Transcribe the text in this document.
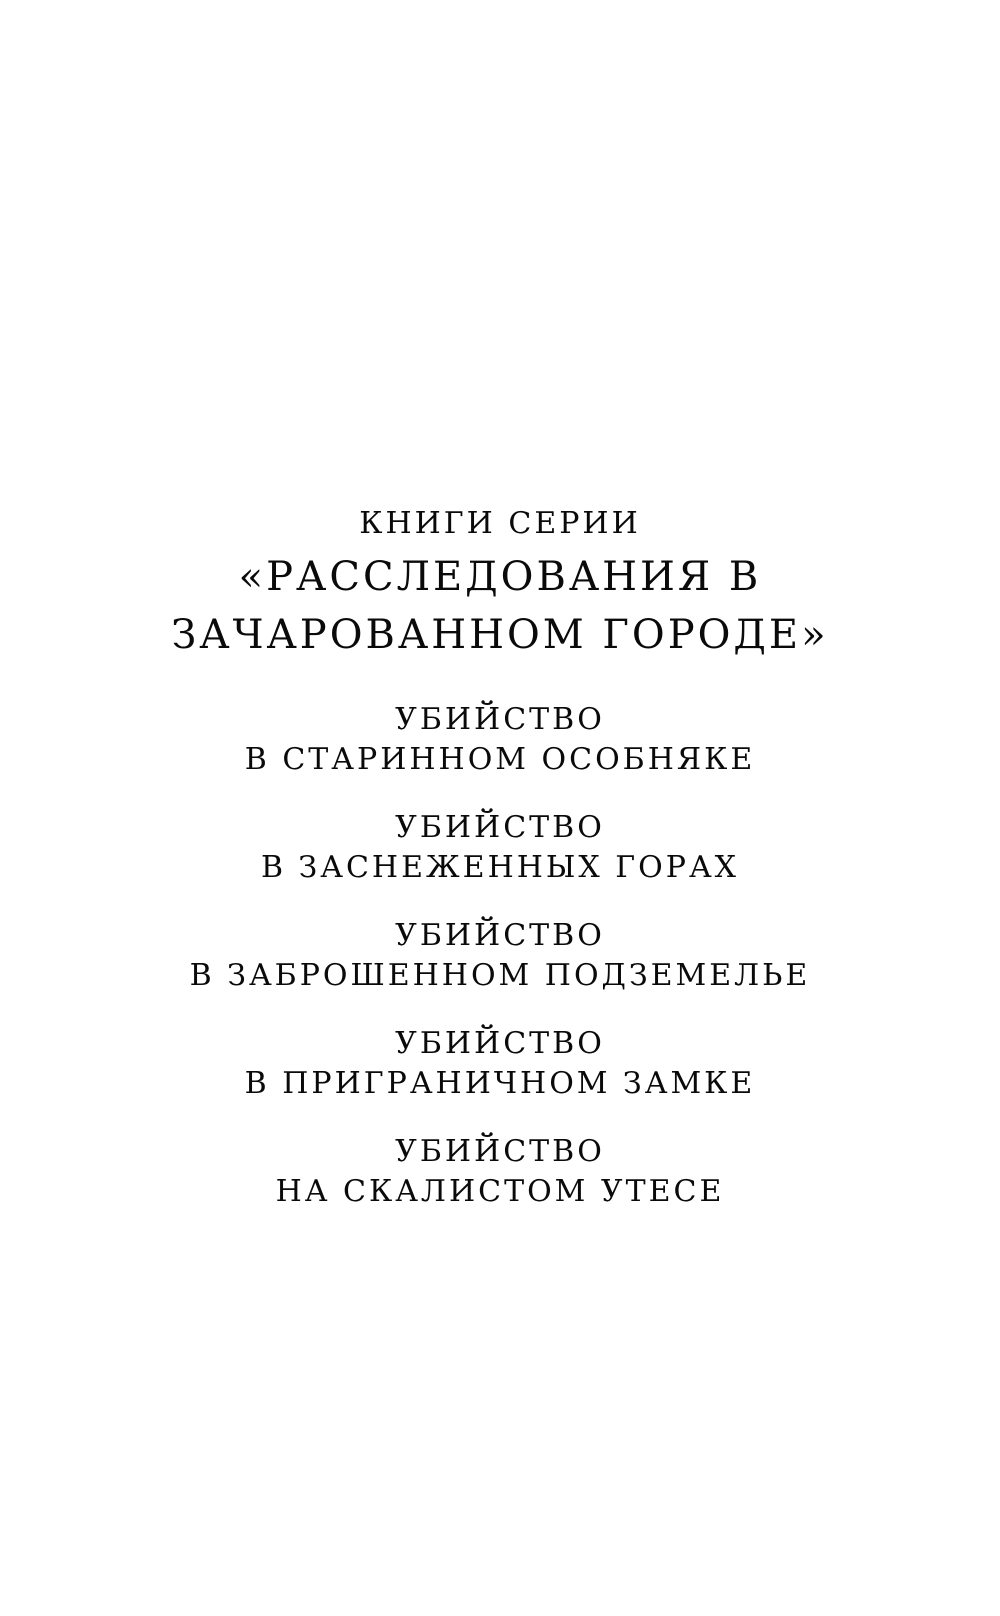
КНИГИ СЕРИИ

«РАССЛЕДОВАНИЯ В
ЗАЧАРОВАННОМ ГОРОДЕ»
УБИЙСТВО
В СТАРИННОМ ОСОБНЯКЕ
УБИЙСТВО
В ЗАСНЕЖЕННЫХ ГОРАХ
УБИЙСТВО
В ЗАБРОШЕННОМ ПОДЗЕМЕЛЬЕ
УБИЙСТВО
В ПРИГРАНИЧНОМ ЗАМКЕ
УБИЙСТВО
НА СКАЛИСТОМ УТЕСЕ
